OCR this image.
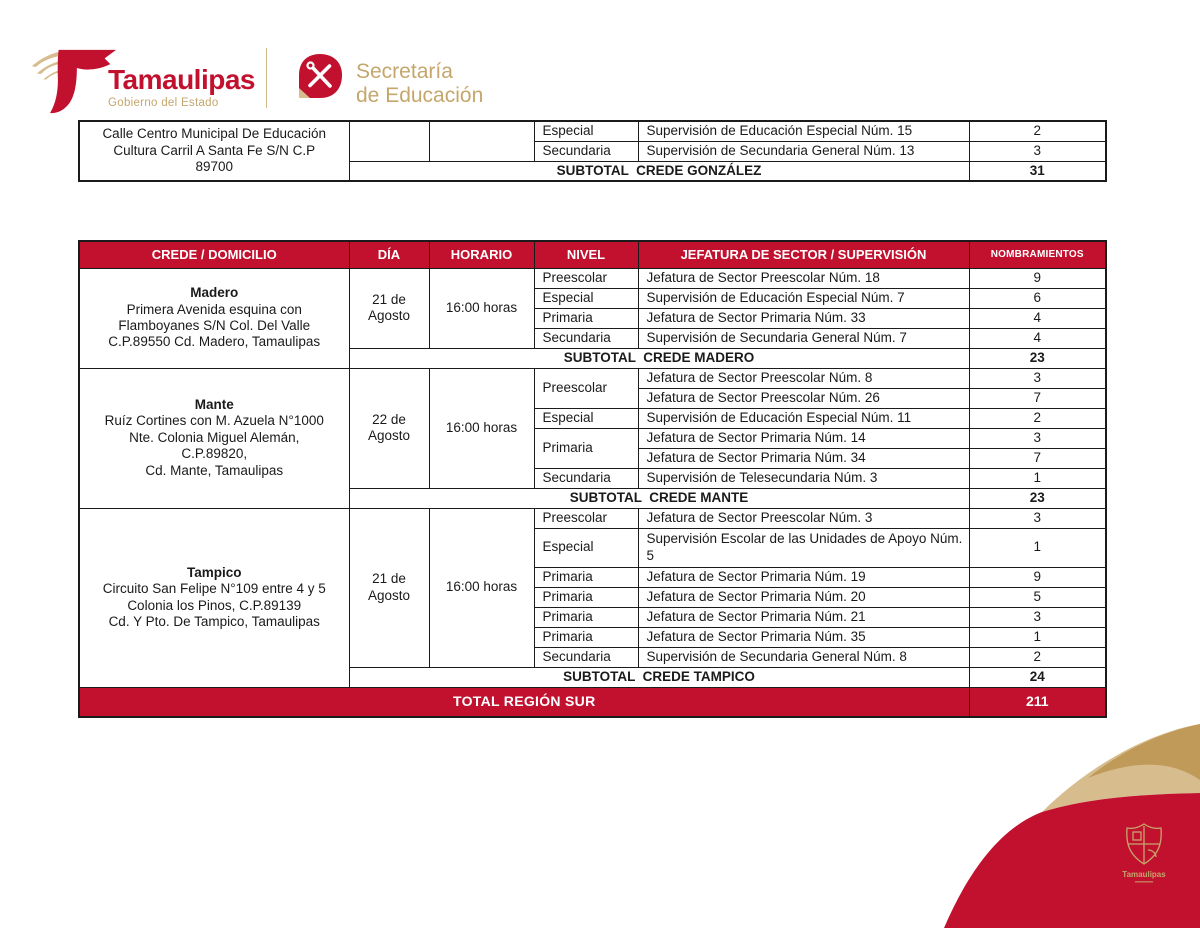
Tamaulipas
Gobierno del Estado
Secretaría
de Educación
Calle Centro Municipal De Educación
Cultura Carril A Santa Fe S/N C.P
89700			Especial	Supervisión de Educación Especial Núm. 15	2
			Secundaria	Supervisión de Secundaria General Núm. 13	3
	SUBTOTAL  CREDE GONZÁLEZ				31
CREDE / DOMICILIO	DÍA	HORARIO	NIVEL	JEFATURA DE SECTOR / SUPERVISIÓN	NOMBRAMIENTOS

Madero
Primera Avenida esquina con
Flamboyanes S/N Col. Del Valle
C.P.89550 Cd. Madero, Tamaulipas

21 de
Agosto
	16:00 horas	Preescolar	Jefatura de Sector Preescolar Núm. 18	9
			Especial	Supervisión de Educación Especial Núm. 7	6
			Primaria	Jefatura de Sector Primaria Núm. 33	4
			Secundaria	Supervisión de Secundaria General Núm. 7	4
	SUBTOTAL  CREDE MADERO				23

Mante
Ruíz Cortines con M. Azuela N°1000
Nte. Colonia Miguel Alemán,
C.P.89820,
Cd. Mante, Tamaulipas

22 de
Agosto
	16:00 horas	Preescolar	Jefatura de Sector Preescolar Núm. 8	3
				Jefatura de Sector Preescolar Núm. 26	7
			Especial	Supervisión de Educación Especial Núm. 11	2
			Primaria	Jefatura de Sector Primaria Núm. 14	3
				Jefatura de Sector Primaria Núm. 34	7
			Secundaria	Supervisión de Telesecundaria Núm. 3	1
	SUBTOTAL  CREDE MANTE				23

Tampico
Circuito San Felipe N°109 entre 4 y 5
Colonia los Pinos, C.P.89139
Cd. Y Pto. De Tampico, Tamaulipas

21 de
Agosto
	16:00 horas	Preescolar	Jefatura de Sector Preescolar Núm. 3	3
			Especial	Supervisión Escolar de las Unidades de Apoyo Núm. 5	1
			Primaria	Jefatura de Sector Primaria Núm. 19	9
			Primaria	Jefatura de Sector Primaria Núm. 20	5
			Primaria	Jefatura de Sector Primaria Núm. 21	3
			Primaria	Jefatura de Sector Primaria Núm. 35	1
			Secundaria	Supervisión de Secundaria General Núm. 8	2
	SUBTOTAL  CREDE TAMPICO				24
TOTAL REGIÓN SUR					211
Tamaulipas
